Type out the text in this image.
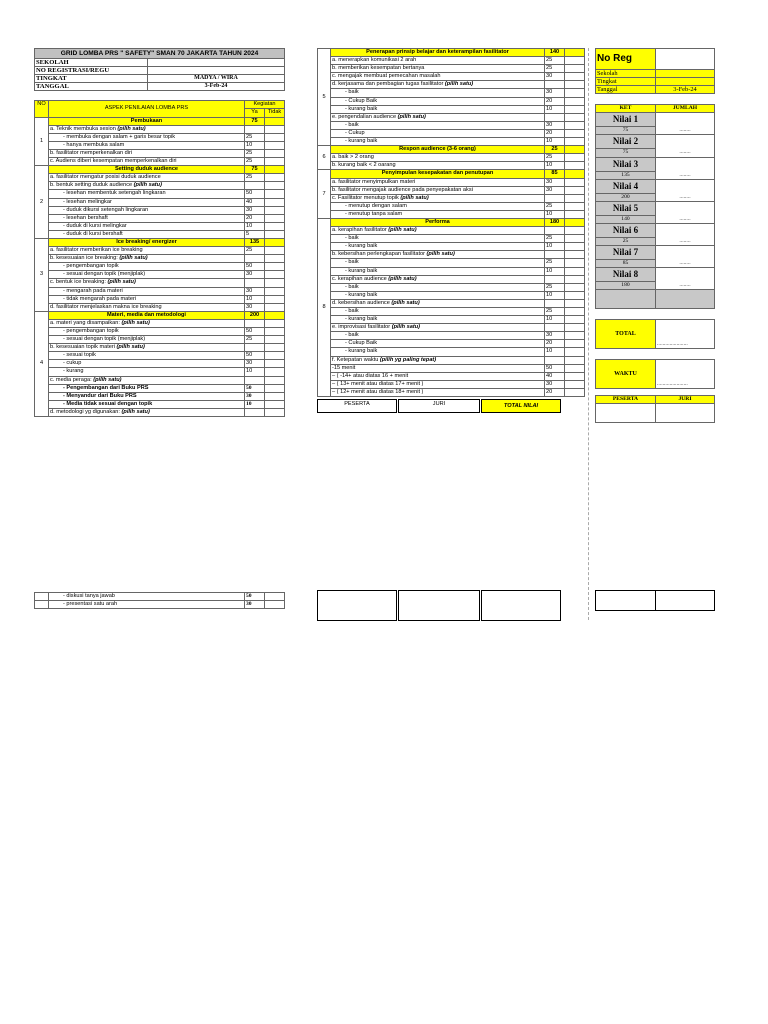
GRID LOMBA PRS " SAFETY" SMAN 70 JAKARTA TAHUN 2024	
SEKOLAH	
NO REGISTRASI/REGU	
TINGKAT	MADYA / WIRA
TANGGAL	3-Feb-24
NO	ASPEK PENILAIAN LOMBA PRS	Kegiatan	
		Ya	Tidak
1	Pembukaan	75	
	a. Teknik membuka sesion (pilih satu)		
	- membuka dengan salam + garis besar topik	25	
	- hanya membuka salam	10	
	b. fasilitator memperkenalkan diri	25	
	c. Audiens diberi kesempatan memperkenalkan diri	25	
2	Setting duduk audience	75	
	a. fasilitator mengatur posisi duduk audience	25	
	b. bentuk setting duduk audience (pilih satu)		
	- lesehan membentuk setengah lingkaran	50	
	- lesehan melingkar	40	
	- duduk dikursi setengah lingkaran	30	
	- lesehan bershaft	20	
	- duduk di kursi melingkar	10	
	- duduk di kursi bershaft	5	
3	Ice breaking/ energizer	135	
	a. fasilitator memberikan ice breaking	25	
	b. kesesuaian ice breaking: (pilih satu)		
	- pengembangan topik	50	
	- sesuai dengan topik (menjiplak)	30	
	c. bentuk ice breaking: (pilih satu)		
	- mengarah pada materi	30	
	- tidak mengarah pada materi	10	
	d. fasilitator menjelaskan makna ice breaking	30	
4	Materi, media dan metodologi	200	
	a. materi yang disampaikan: (pilih satu)		
	- pengembangan topik	50	
	- sesuai dengan topik (menjiplak)	25	
	b. kesesuaian topik materi (pilih satu)		
	- sesuai topik	50	
	- cukup	30	
	- kurang	10	
	c. media peraga: (pilih satu)		
	- Pengembangan dari Buku PRS	50	
	- Menyandur dari Buku PRS	30	
	- Media tidak sesuai dengan topik	10	
	d. metodologi yg digunakan: (pilih satu)		
	- diskusi tanya jawab	50	
	- presentasi satu arah	30	
5	Penerapan prinsip belajar dan keterampilan fasilitator	140	
	a. menerapkan komunikasi 2 arah	25	
	b. memberikan kesempatan bertanya	25	
	c. mengajak membuat pemecahan masalah	30	
	d. kerjasama dan pembagian tugas fasilitator (pilih satu)		
	- baik	30	
	- Cukup Baik	20	
	- kurang baik	10	
	e. pengendalian audience (pilih satu)		
	- baik	30	
	- Cukup	20	
	- kurang baik	10	
6	Respon audience (3-6 orang)	25	
	a. baik > 2 orang	25	
	b. kurang baik < 2 oarang	10	
7	Penyimpulan kesepakatan dan penutupan	85	
	a. fasilitator menyimpulkan materi	30	
	b. fasilitator mengajak audience pada penyepakatan aksi	30	
	c. Fasilitator menutup topik (pilih satu)		
	- menutup dengan salam	25	
	- menutup tanpa salam	10	
8	Performa	180	
	a. kerapihan fasilitator (pilih satu)		
	- baik	25	
	- kurang baik	10	
	b. kebersihan perlengkapan fasilitator (pilih satu)		
	- baik	25	
	- kurang baik	10	
	c. kerapihan audience (pilih satu)		
	- baik	25	
	- kurang baik	10	
	d. kebersihan audience (pilih satu)		
	- baik	25	
	- kurang baik	10	
	e. improvisasi fasilitator (pilih satu)		
	- baik	30	
	- Cukup Baik	20	
	- kurang baik	10	
	f. Ketepatan waktu (pilih yg paling tepat)		
	-15 menit	50	
	– ( -14+ atau diatas 16 + menit	40	
	– ( 13+ menit atau diatas 17+ menit )	30	
	– ( 12+ menit atau diatas 18+ menit )	20	
PESERTA	JURI	TOTAL NILAI
No Reg	
Sekolah	
Tingkat	
Tanggal	3-Feb-24
KET	JUMLAH
Nilai 1	........
75	
Nilai 2	........
75	
Nilai 3	........
135	
Nilai 4	........
200	
Nilai 5	........
140	
Nilai 6	........
25	
Nilai 7	........
85	
Nilai 8	........
180	

TOTAL	......................
WAKTU	......................
PESERTA	JURI
